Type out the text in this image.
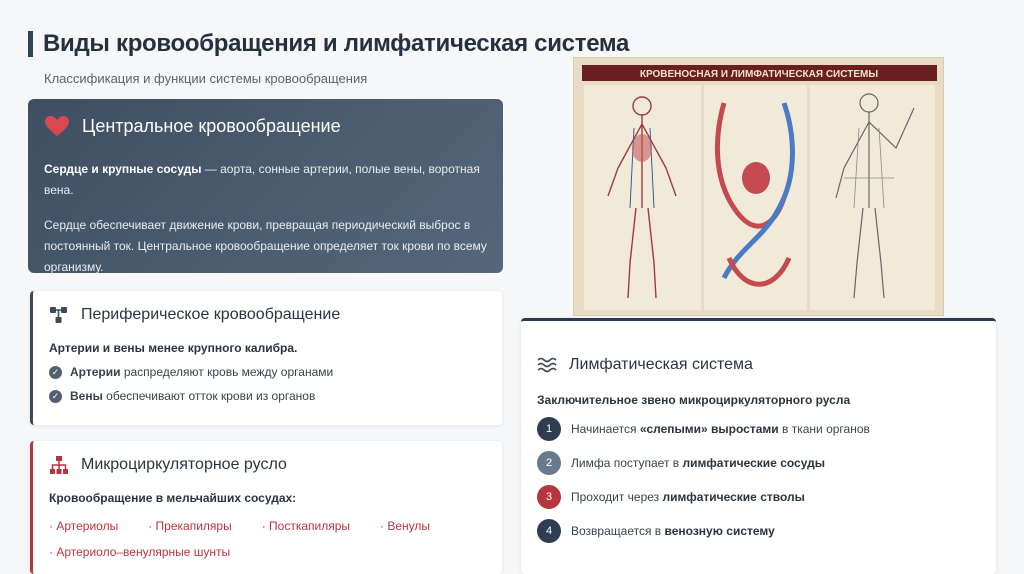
Виды кровообращения и лимфатическая система
Классификация и функции системы кровообращения
Центральное кровообращение

Сердце и крупные сосуды — аорта, сонные артерии, полые вены, воротная вена.

Сердце обеспечивает движение крови, превращая периодический выброс в постоянный ток. Центральное кровообращение определяет ток крови по всему организму.

Периферическое кровообращение
Артерии и вены менее крупного калибра.
✓ Артерии распределяют кровь между органами
✓ Вены обеспечивают отток крови из органов
Микроциркуляторное русло
Кровообращение в мельчайших сосудах:
· Артериолы	· Прекапиляры	· Посткапиляры	· Венулы
· Артериоло–венулярные шунты
КРОВЕНОСНАЯ И ЛИМФАТИЧЕСКАЯ СИСТЕМЫ
Лимфатическая система
Заключительное звено микроциркуляторного русла
1	Начинается «слепыми» выростами в ткани органов
2	Лимфа поступает в лимфатические сосуды
3	Проходит через лимфатические стволы
4	Возвращается в венозную систему
